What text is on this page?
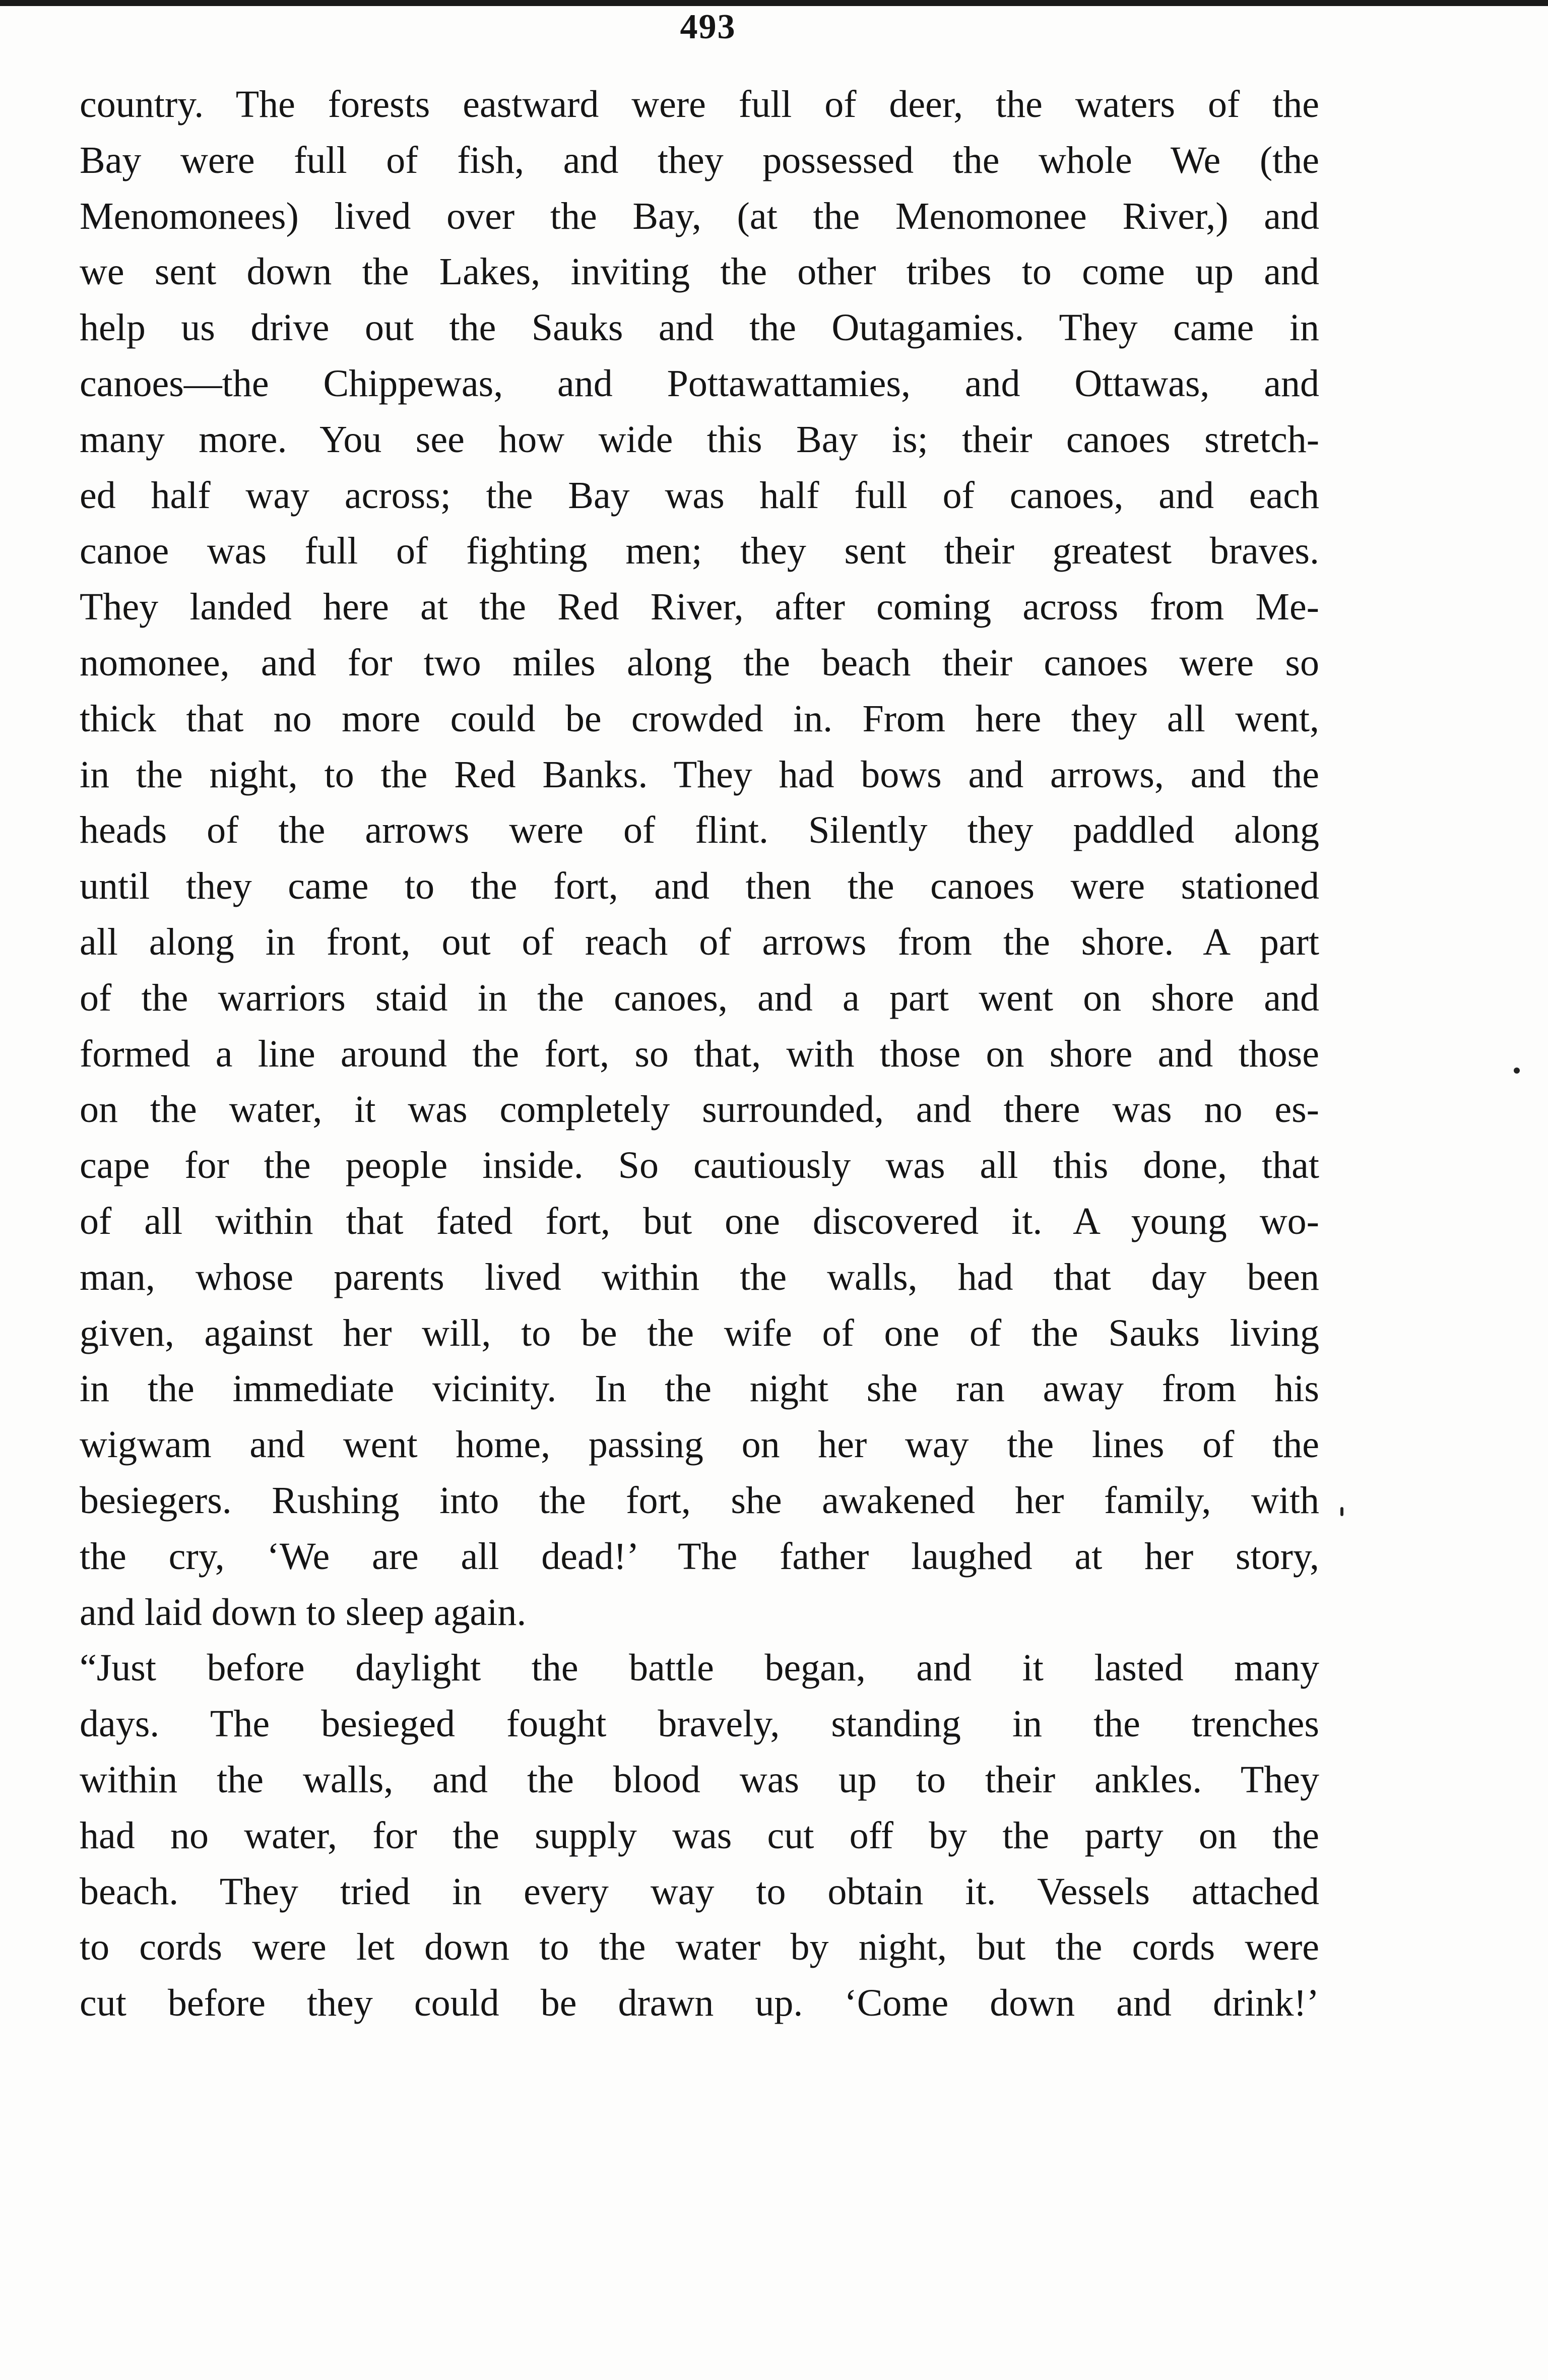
493
country. The forests eastward were full of deer, the waters of the
Bay were full of fish, and they possessed the whole We (the
Menomonees) lived over the Bay, (at the Menomonee River,) and
we sent down the Lakes, inviting the other tribes to come up and
help us drive out the Sauks and the Outagamies. They came in
canoes—the Chippewas, and Pottawattamies, and Ottawas, and
many more. You see how wide this Bay is; their canoes stretch-
ed half way across; the Bay was half full of canoes, and each
canoe was full of fighting men; they sent their greatest braves.
They landed here at the Red River, after coming across from Me-
nomonee, and for two miles along the beach their canoes were so
thick that no more could be crowded in. From here they all went,
in the night, to the Red Banks. They had bows and arrows, and the
heads of the arrows were of flint. Silently they paddled along
until they came to the fort, and then the canoes were stationed
all along in front, out of reach of arrows from the shore. A part
of the warriors staid in the canoes, and a part went on shore and
formed a line around the fort, so that, with those on shore and those
on the water, it was completely surrounded, and there was no es-
cape for the people inside. So cautiously was all this done, that
of all within that fated fort, but one discovered it. A young wo-
man, whose parents lived within the walls, had that day been
given, against her will, to be the wife of one of the Sauks living
in the immediate vicinity. In the night she ran away from his
wigwam and went home, passing on her way the lines of the
besiegers. Rushing into the fort, she awakened her family, with
the cry, ‘We are all dead!’ The father laughed at her story,
and laid down to sleep again.
“Just before daylight the battle began, and it lasted many
days. The besieged fought bravely, standing in the trenches
within the walls, and the blood was up to their ankles. They
had no water, for the supply was cut off by the party on the
beach. They tried in every way to obtain it. Vessels attached
to cords were let down to the water by night, but the cords were
cut before they could be drawn up. ‘Come down and drink!’
